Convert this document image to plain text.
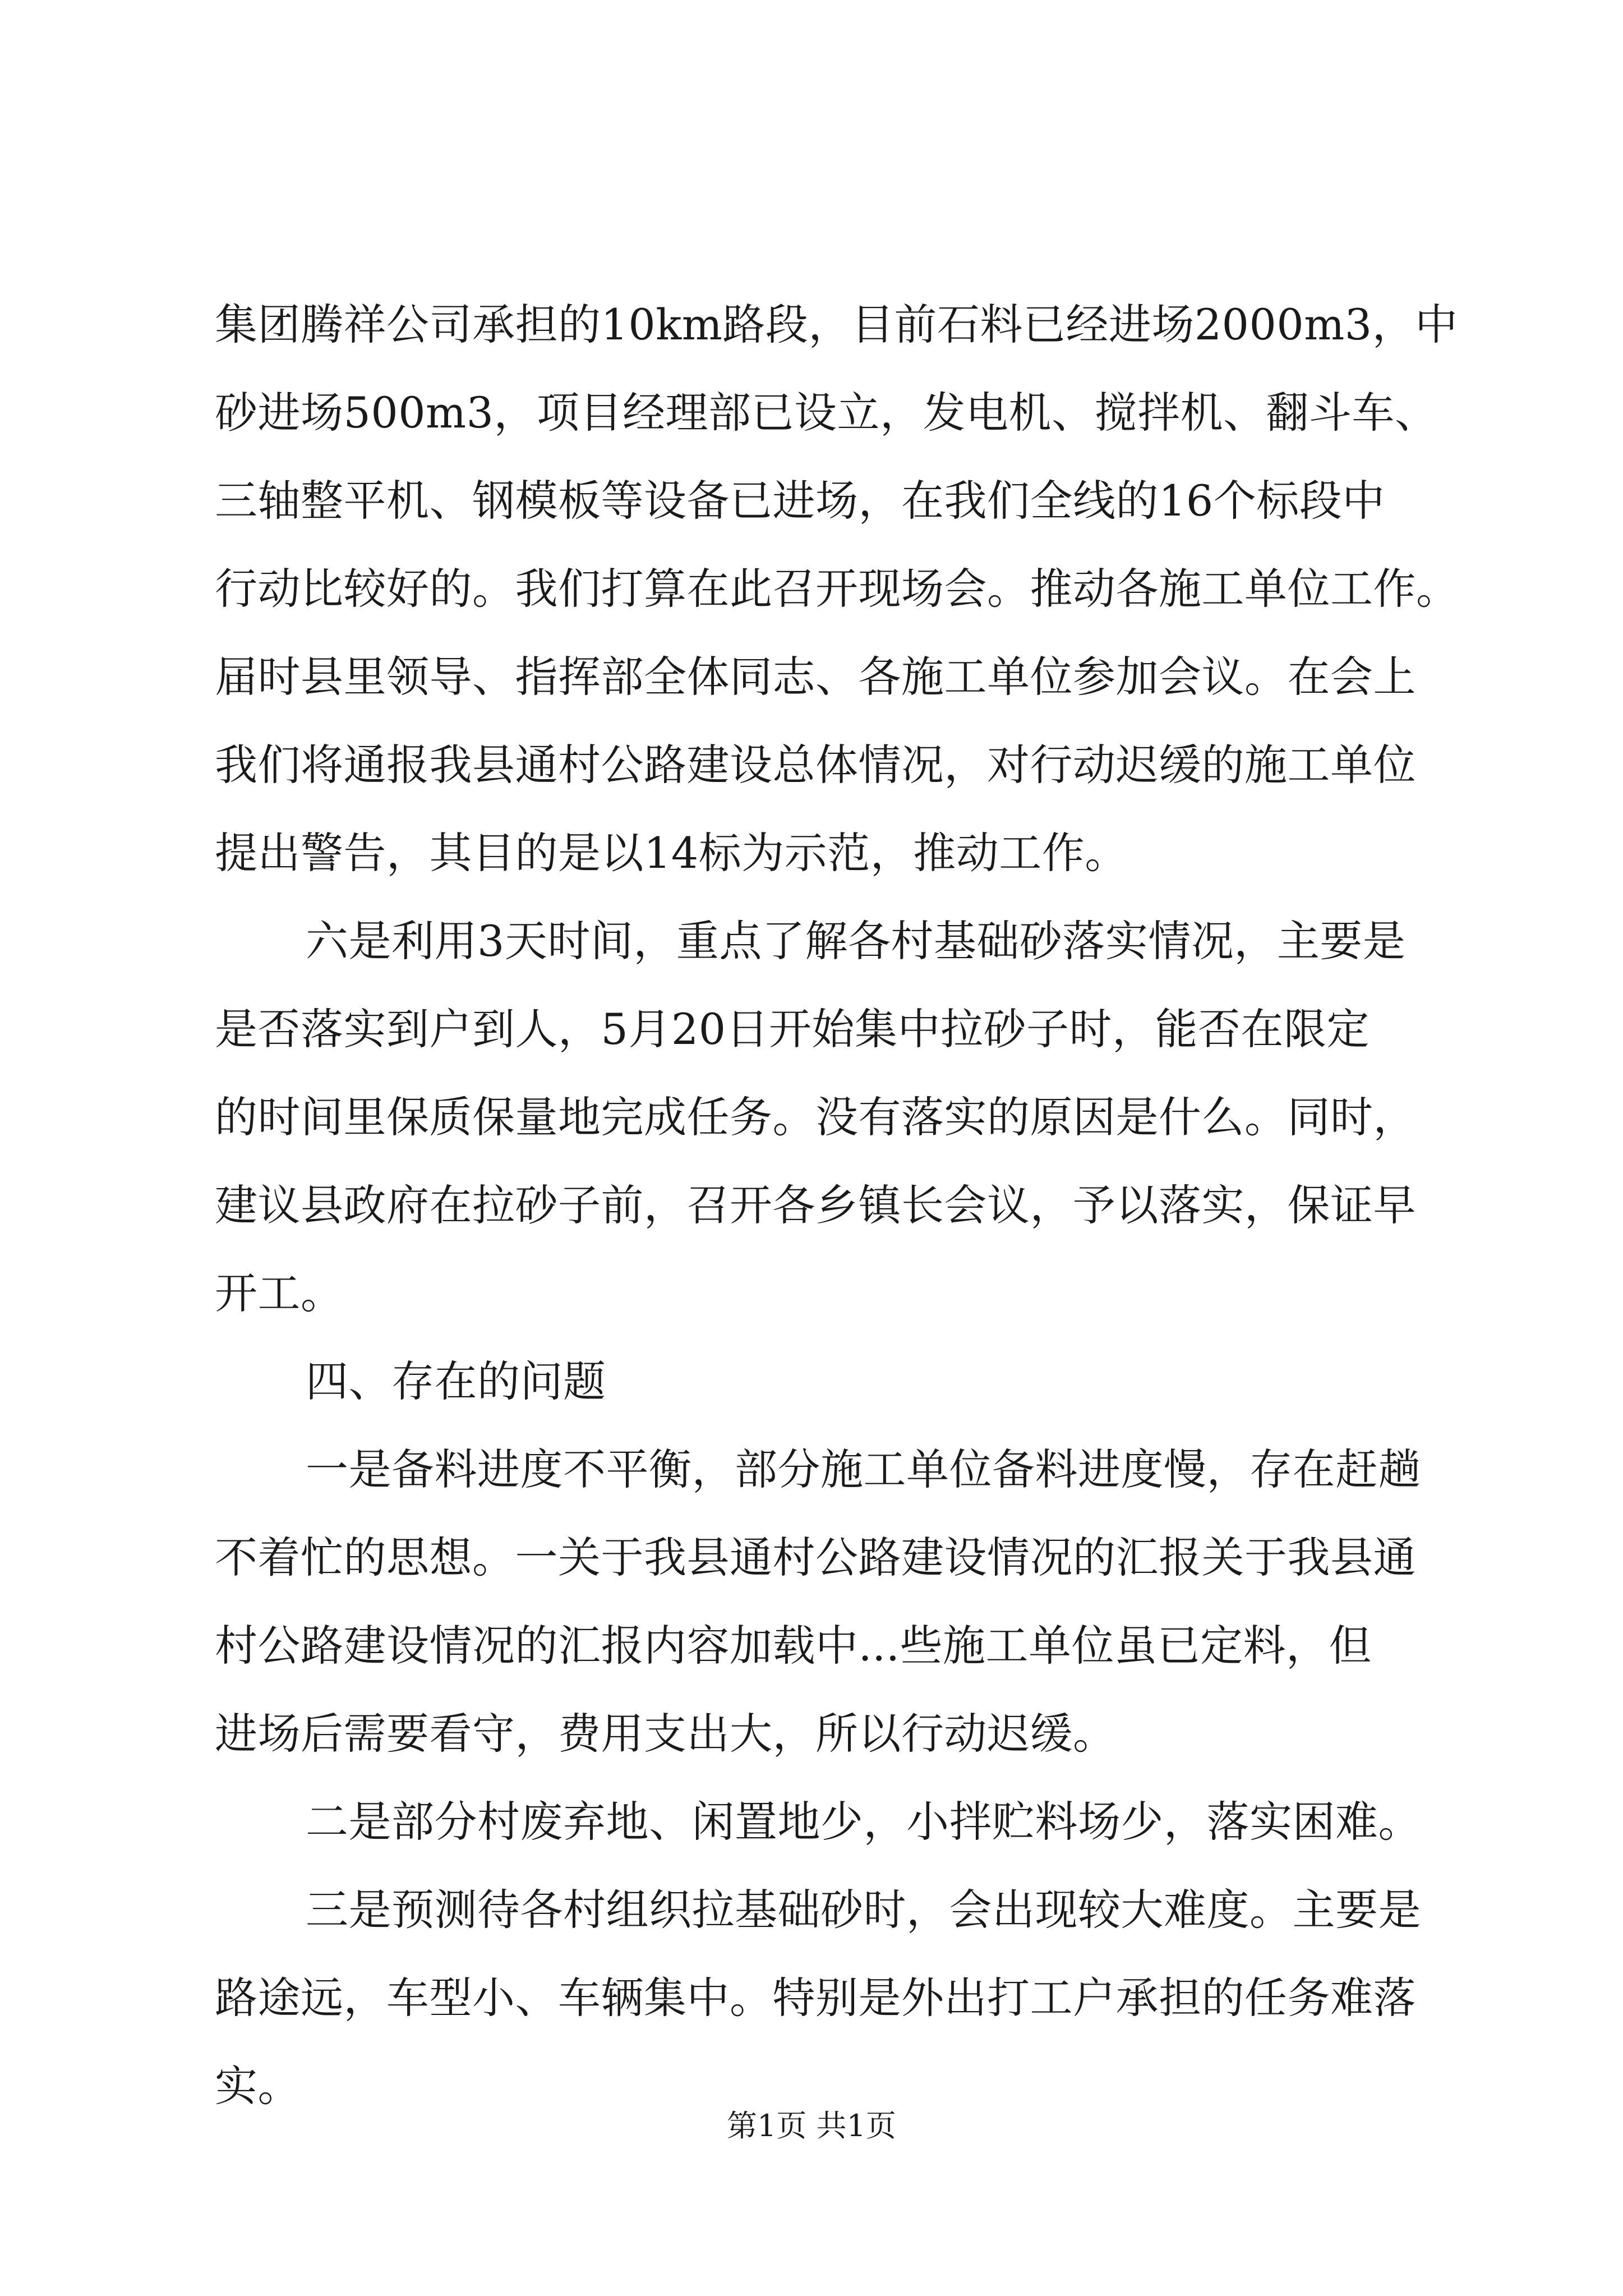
集团腾祥公司承担的10km路段，目前石料已经进场2000m3，中
砂进场500m3，项目经理部已设立，发电机、搅拌机、翻斗车、
三轴整平机、钢模板等设备已进场，在我们全线的16个标段中
行动比较好的。我们打算在此召开现场会。推动各施工单位工作。
届时县里领导、指挥部全体同志、各施工单位参加会议。在会上
我们将通报我县通村公路建设总体情况，对行动迟缓的施工单位
提出警告，其目的是以14标为示范，推动工作。
六是利用3天时间，重点了解各村基础砂落实情况，主要是
是否落实到户到人，5月20日开始集中拉砂子时，能否在限定
的时间里保质保量地完成任务。没有落实的原因是什么。同时，
建议县政府在拉砂子前，召开各乡镇长会议，予以落实，保证早
开工。
四、存在的问题
一是备料进度不平衡，部分施工单位备料进度慢，存在赶趟
不着忙的思想。一关于我县通村公路建设情况的汇报关于我县通
村公路建设情况的汇报内容加载中...些施工单位虽已定料，但
进场后需要看守，费用支出大，所以行动迟缓。
二是部分村废弃地、闲置地少，小拌贮料场少，落实困难。
三是预测待各村组织拉基础砂时，会出现较大难度。主要是
路途远，车型小、车辆集中。特别是外出打工户承担的任务难落
实。
第1页 共1页
